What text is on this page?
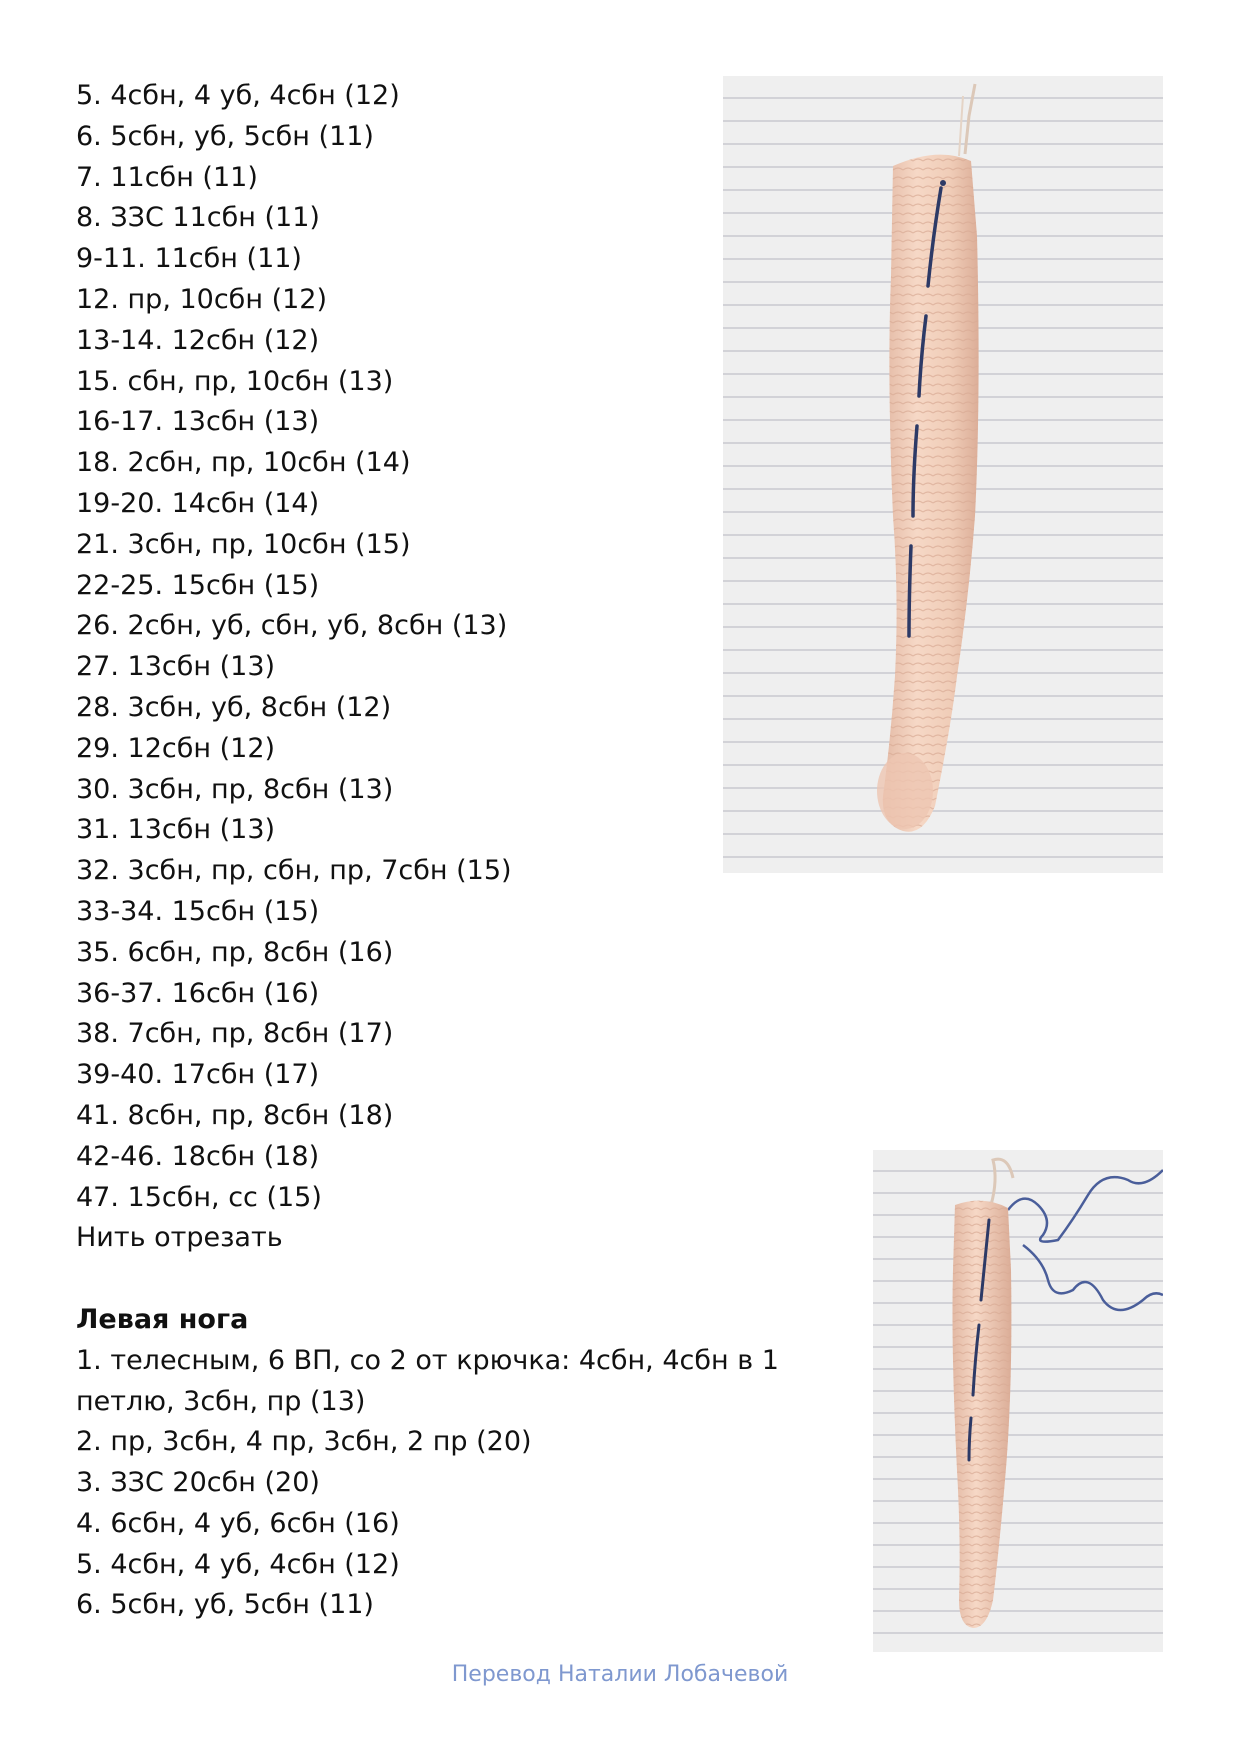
5. 4сбн, 4 уб, 4сбн (12)
6. 5сбн, уб, 5сбн (11)
7. 11сбн (11)
8. ЗЗС 11сбн (11)
9-11. 11сбн (11)
12. пр, 10сбн (12)
13-14. 12сбн (12)
15. сбн, пр, 10сбн (13)
16-17. 13сбн (13)
18. 2сбн, пр, 10сбн (14)
19-20. 14сбн (14)
21. 3сбн, пр, 10сбн (15)
22-25. 15сбн (15)
26. 2сбн, уб, сбн, уб, 8сбн (13)
27. 13сбн (13)
28. 3сбн, уб, 8сбн (12)
29. 12сбн (12)
30. 3сбн, пр, 8сбн (13)
31. 13сбн (13)
32. 3сбн, пр, сбн, пр, 7сбн (15)
33-34. 15сбн (15)
35. 6сбн, пр, 8сбн (16)
36-37. 16сбн (16)
38. 7сбн, пр, 8сбн (17)
39-40. 17сбн (17)
41. 8сбн, пр, 8сбн (18)
42-46. 18сбн (18)
47. 15сбн, сс (15)
Нить отрезать
Левая нога
1. телесным, 6 ВП, со 2 от крючка: 4сбн, 4сбн в 1
петлю, 3сбн, пр (13)
2. пр, 3сбн, 4 пр, 3сбн, 2 пр (20)
3. ЗЗС 20сбн (20)
4. 6сбн, 4 уб, 6сбн (16)
5. 4сбн, 4 уб, 4сбн (12)
6. 5сбн, уб, 5сбн (11)
Перевод Наталии Лобачевой
